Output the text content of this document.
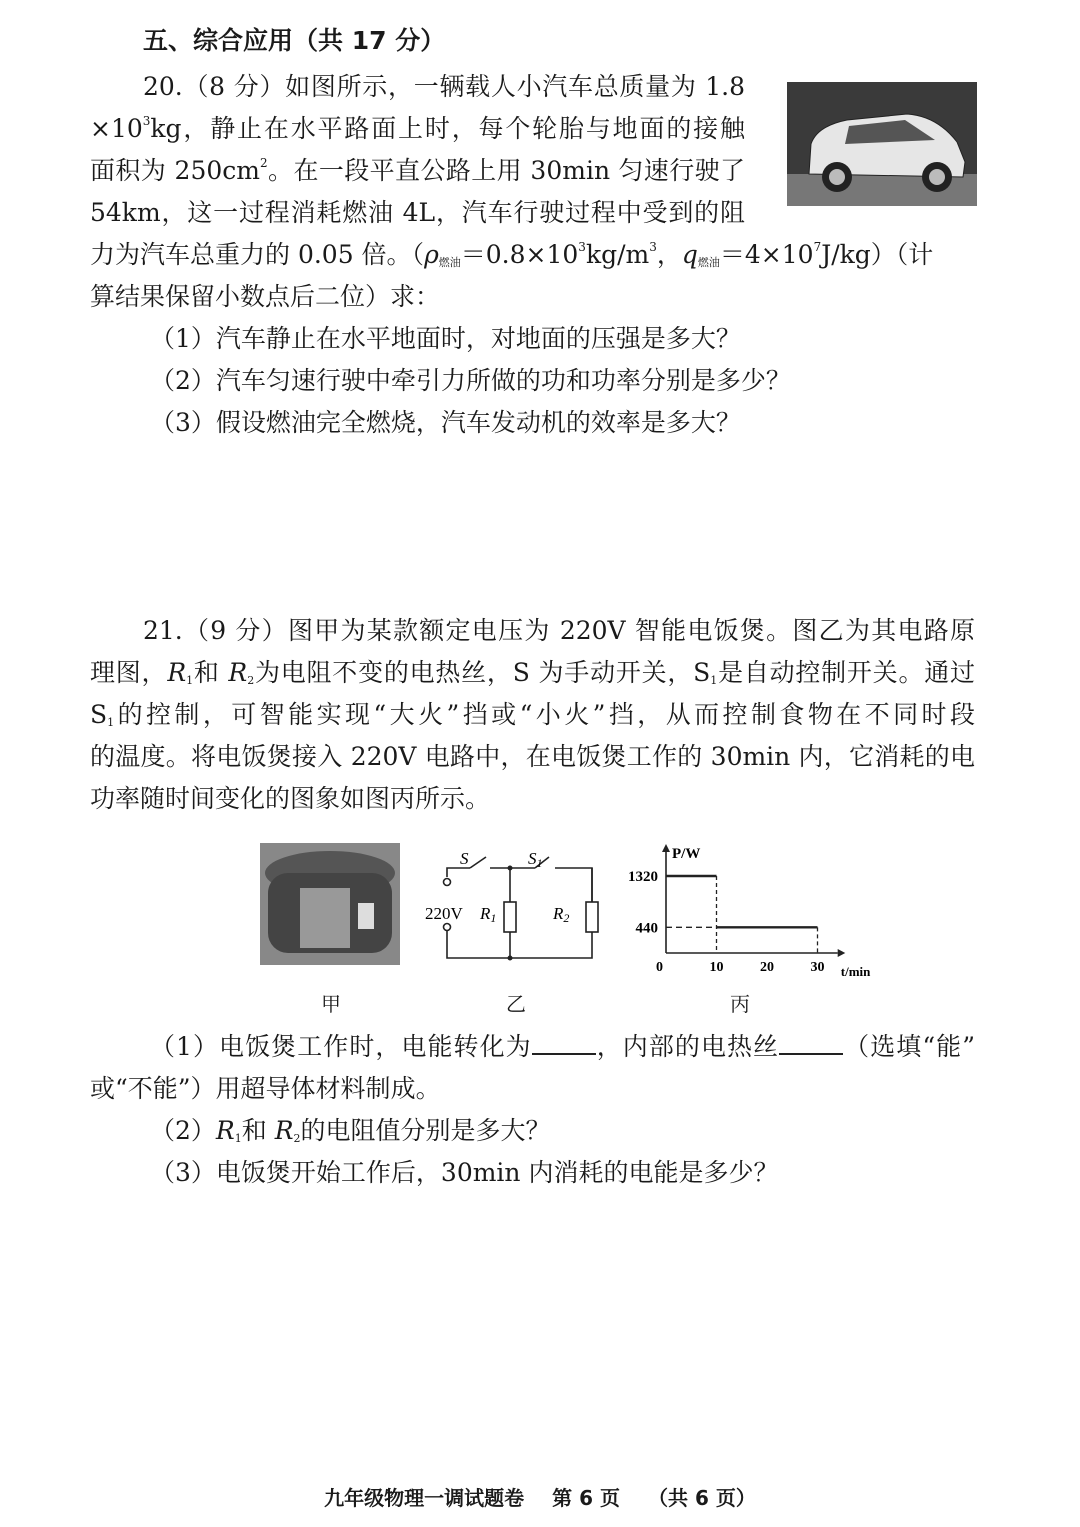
五、综合应用（共 17 分）
20.（8 分）如图所示，一辆载人小汽车总质量为 1.8
$\times 10^3kg$，静止在水平路面上时，每个轮胎与地面的接触
面积为 $250cm^2$。在一段平直公路上用 30min 匀速行驶了
54km，这一过程消耗燃油 4L，汽车行驶过程中受到的阻
力为汽车总重力的 0.05 倍。（$\rho_{燃油}=0.8\times 10^3kg/m^3$，$q_{燃油}=4\times 10^7J/kg$）（计
算结果保留小数点后二位）求：
（1）汽车静止在水平地面时，对地面的压强是多大？
（2）汽车匀速行驶中牵引力所做的功和功率分别是多少？
（3）假设燃油完全燃烧，汽车发动机的效率是多大？
21.（9 分）图甲为某款额定电压为 220V 智能电饭煲。图乙为其电路原
理图，$R_1$和 $R_2$为电阻不变的电热丝，S 为手动开关，$S_1$是自动控制开关。通过
$S_1$的控制，可智能实现“大火”挡或“小火”挡，从而控制食物在不同时段
的温度。将电饭煲接入 220V 电路中，在电饭煲工作的 30min 内，它消耗的电
功率随时间变化的图象如图丙所示。
S	S1
220V R1	R2
P/W
t/min
0	10	20	30
1320
440
甲	乙	丙
（1）电饭煲工作时，电能转化为	，内部的电热丝	（选填“能”
或“不能”）用超导体材料制成。
$(2)R_1$和 $R_2$的电阻值分别是多大？
（3）电饭煲开始工作后，30min 内消耗的电能是多少？
九年级物理一调试题卷 第 6 页 （共 6 页）
